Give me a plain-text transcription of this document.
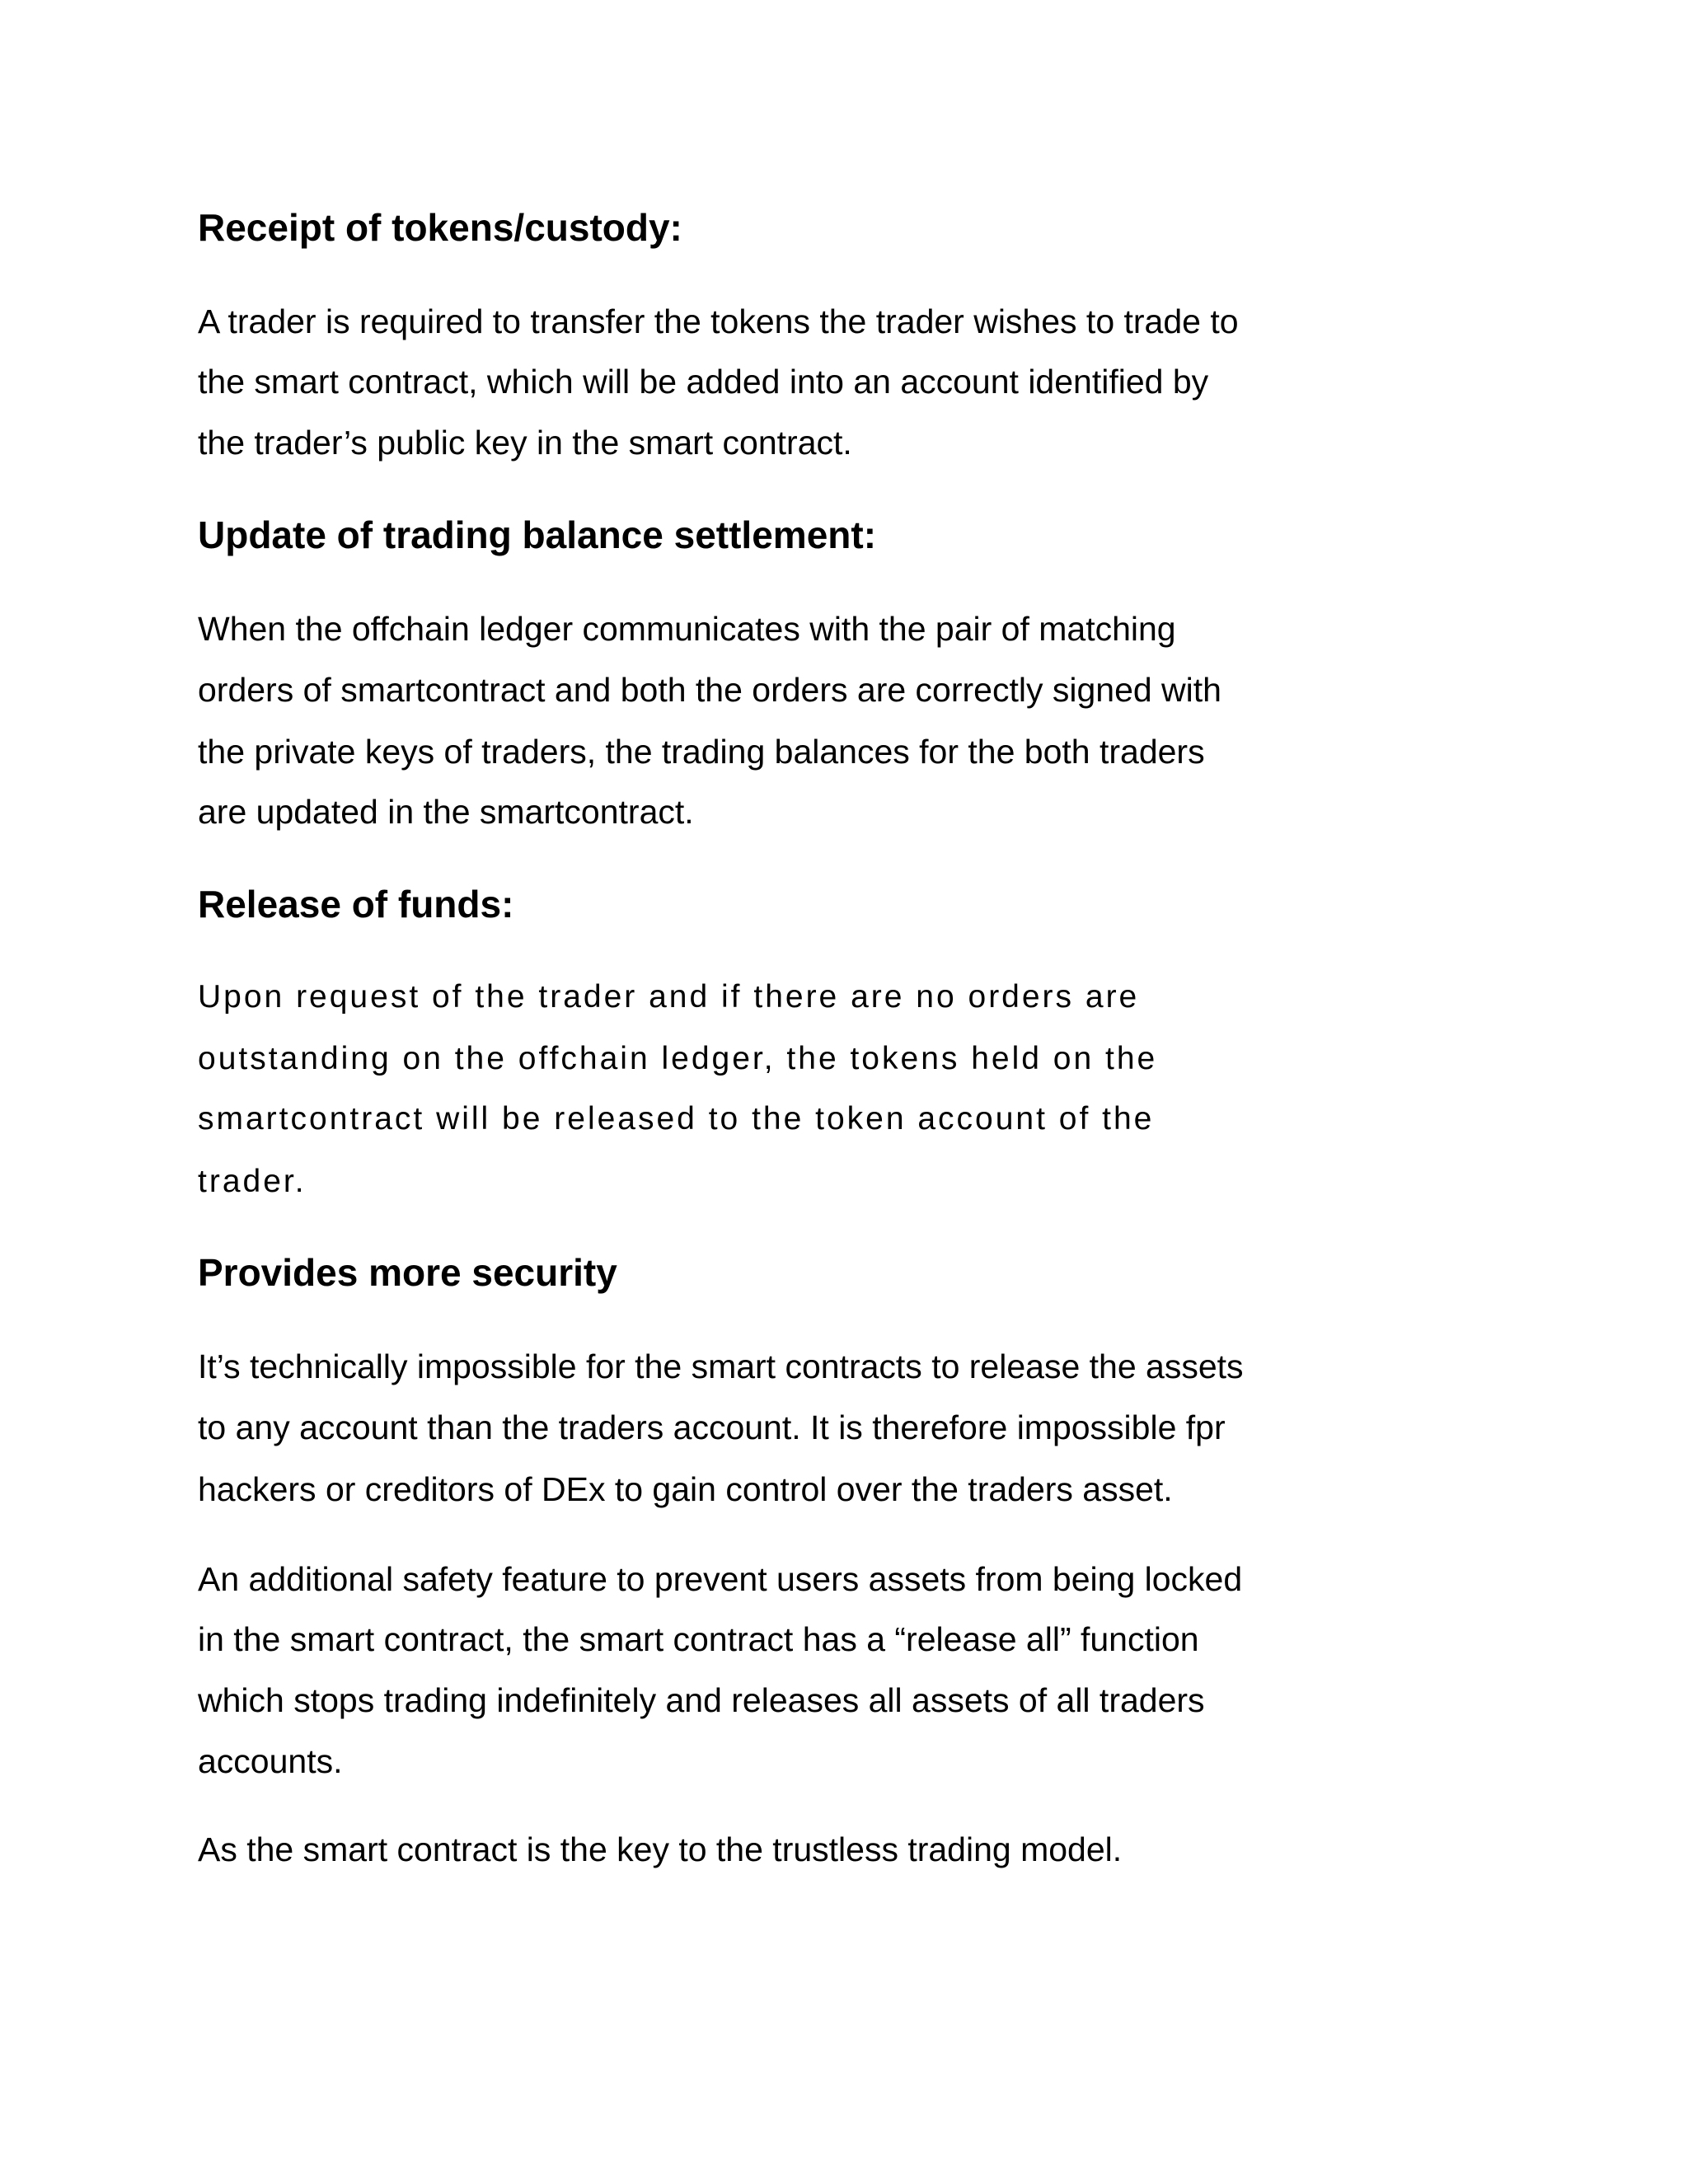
Receipt of tokens/custody:
A trader is required to transfer the tokens the trader wishes to trade to
the smart contract, which will be added into an account identified by
the trader’s public key in the smart contract.
Update of trading balance settlement:
When the offchain ledger communicates with the pair of matching
orders of smartcontract and both the orders are correctly signed with
the private keys of traders, the trading balances for the both traders
are updated in the smartcontract.
Release of funds:
Upon request of the trader and if there are no orders are
outstanding on the offchain ledger, the tokens held on the
smartcontract will be released to the token account of the
trader.
Provides more security
It’s technically impossible for the smart contracts to release the assets
to any account than the traders account. It is therefore impossible fpr
hackers or creditors of DEx to gain control over the traders asset.
An additional safety feature to prevent users assets from being locked
in the smart contract, the smart contract has a “release all” function
which stops trading indefinitely and releases all assets of all traders
accounts.
As the smart contract is the key to the trustless trading model.
